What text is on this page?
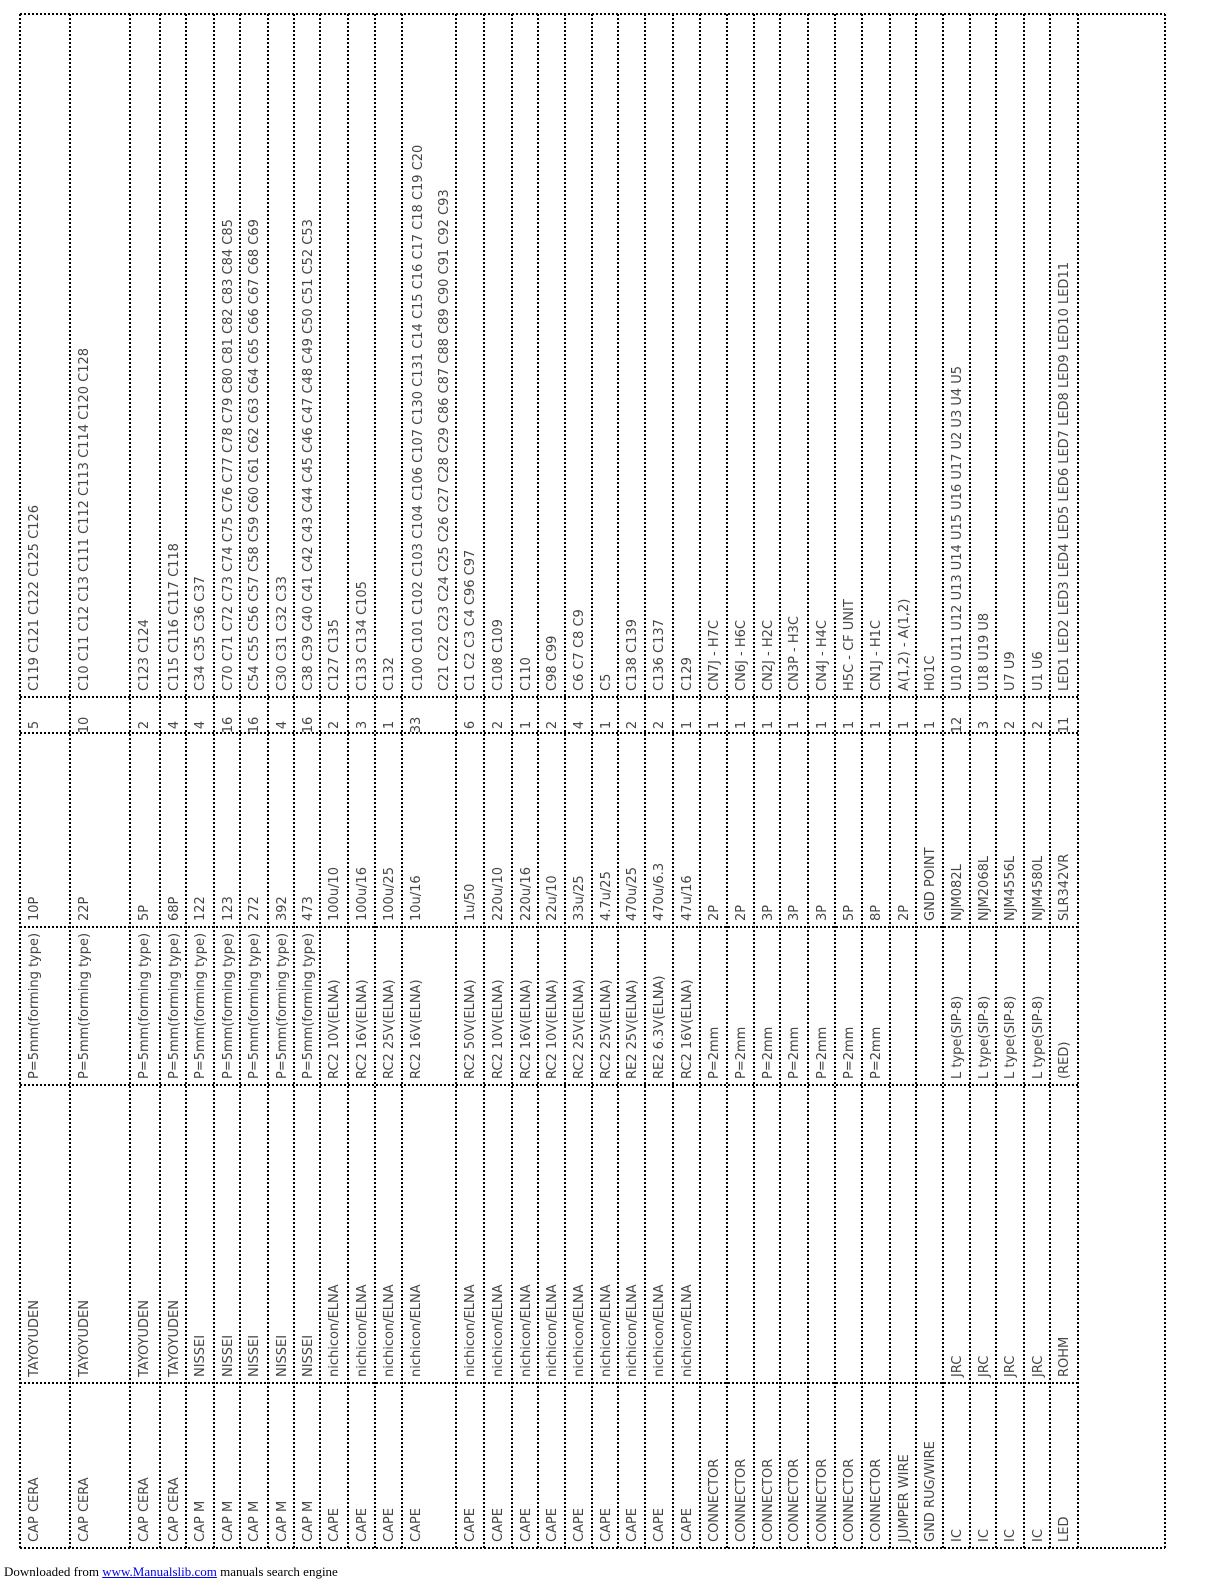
CAP CERA
TAYOYUDEN
P=5mm(forming type)
10P
5
C119 C121 C122 C125 C126
CAP CERA
TAYOYUDEN
P=5mm(forming type)
22P
10
C10 C11 C12 C13 C111 C112 C113 C114 C120 C128
CAP CERA
TAYOYUDEN
P=5mm(forming type)
5P
2
C123 C124
CAP CERA
TAYOYUDEN
P=5mm(forming type)
68P
4
C115 C116 C117 C118
CAP M
NISSEI
P=5mm(forming type)
122
4
C34 C35 C36 C37
CAP M
NISSEI
P=5mm(forming type)
123
16
C70 C71 C72 C73 C74 C75 C76 C77 C78 C79 C80 C81 C82 C83 C84 C85
CAP M
NISSEI
P=5mm(forming type)
272
16
C54 C55 C56 C57 C58 C59 C60 C61 C62 C63 C64 C65 C66 C67 C68 C69
CAP M
NISSEI
P=5mm(forming type)
392
4
C30 C31 C32 C33
CAP M
NISSEI
P=5mm(forming type)
473
16
C38 C39 C40 C41 C42 C43 C44 C45 C46 C47 C48 C49 C50 C51 C52 C53
CAPE
nichicon/ELNA
RC2 10V(ELNA)
100u/10
2
C127 C135
CAPE
nichicon/ELNA
RC2 16V(ELNA)
100u/16
3
C133 C134 C105
CAPE
nichicon/ELNA
RC2 25V(ELNA)
100u/25
1
C132
CAPE
nichicon/ELNA
RC2 16V(ELNA)
10u/16
33
C100 C101 C102 C103 C104 C106 C107 C130 C131 C14 C15 C16 C17 C18 C19 C20 C21 C22 C23 C24 C25 C26 C27 C28 C29 C86 C87 C88 C89 C90 C91 C92 C93
CAPE
nichicon/ELNA
RC2 50V(ELNA)
1u/50
6
C1 C2 C3 C4 C96 C97
CAPE
nichicon/ELNA
RC2 10V(ELNA)
220u/10
2
C108 C109
CAPE
nichicon/ELNA
RC2 16V(ELNA)
220u/16
1
C110
CAPE
nichicon/ELNA
RC2 10V(ELNA)
22u/10
2
C98 C99
CAPE
nichicon/ELNA
RC2 25V(ELNA)
33u/25
4
C6 C7 C8 C9
CAPE
nichicon/ELNA
RC2 25V(ELNA)
4.7u/25
1
C5
CAPE
nichicon/ELNA
RE2 25V(ELNA)
470u/25
2
C138 C139
CAPE
nichicon/ELNA
RE2 6.3V(ELNA)
470u/6.3
2
C136 C137
CAPE
nichicon/ELNA
RC2 16V(ELNA)
47u/16
1
C129
CONNECTOR
P=2mm
2P
1
CN7J - H7C
CONNECTOR
P=2mm
2P
1
CN6J - H6C
CONNECTOR
P=2mm
3P
1
CN2J - H2C
CONNECTOR
P=2mm
3P
1
CN3P - H3C
CONNECTOR
P=2mm
3P
1
CN4J - H4C
CONNECTOR
P=2mm
5P
1
H5C - CF UNIT
CONNECTOR
P=2mm
8P
1
CN1J - H1C
JUMPER WIRE
2P
1
A(1,2) - A(1,2)
GND RUG/WIRE
GND POINT
1
H01C
IC
JRC
L type(SIP-8)
NJM082L
12
U10 U11 U12 U13 U14 U15 U16 U17 U2 U3 U4 U5
IC
JRC
L type(SIP-8)
NJM2068L
3
U18 U19 U8
IC
JRC
L type(SIP-8)
NJM4556L
2
U7 U9
IC
JRC
L type(SIP-8)
NJM4580L
2
U1 U6
LED
ROHM
(RED)
SLR342VR
11
LED1 LED2 LED3 LED4 LED5 LED6 LED7 LED8 LED9 LED10 LED11
Downloaded from www.Manualslib.com manuals search engine
